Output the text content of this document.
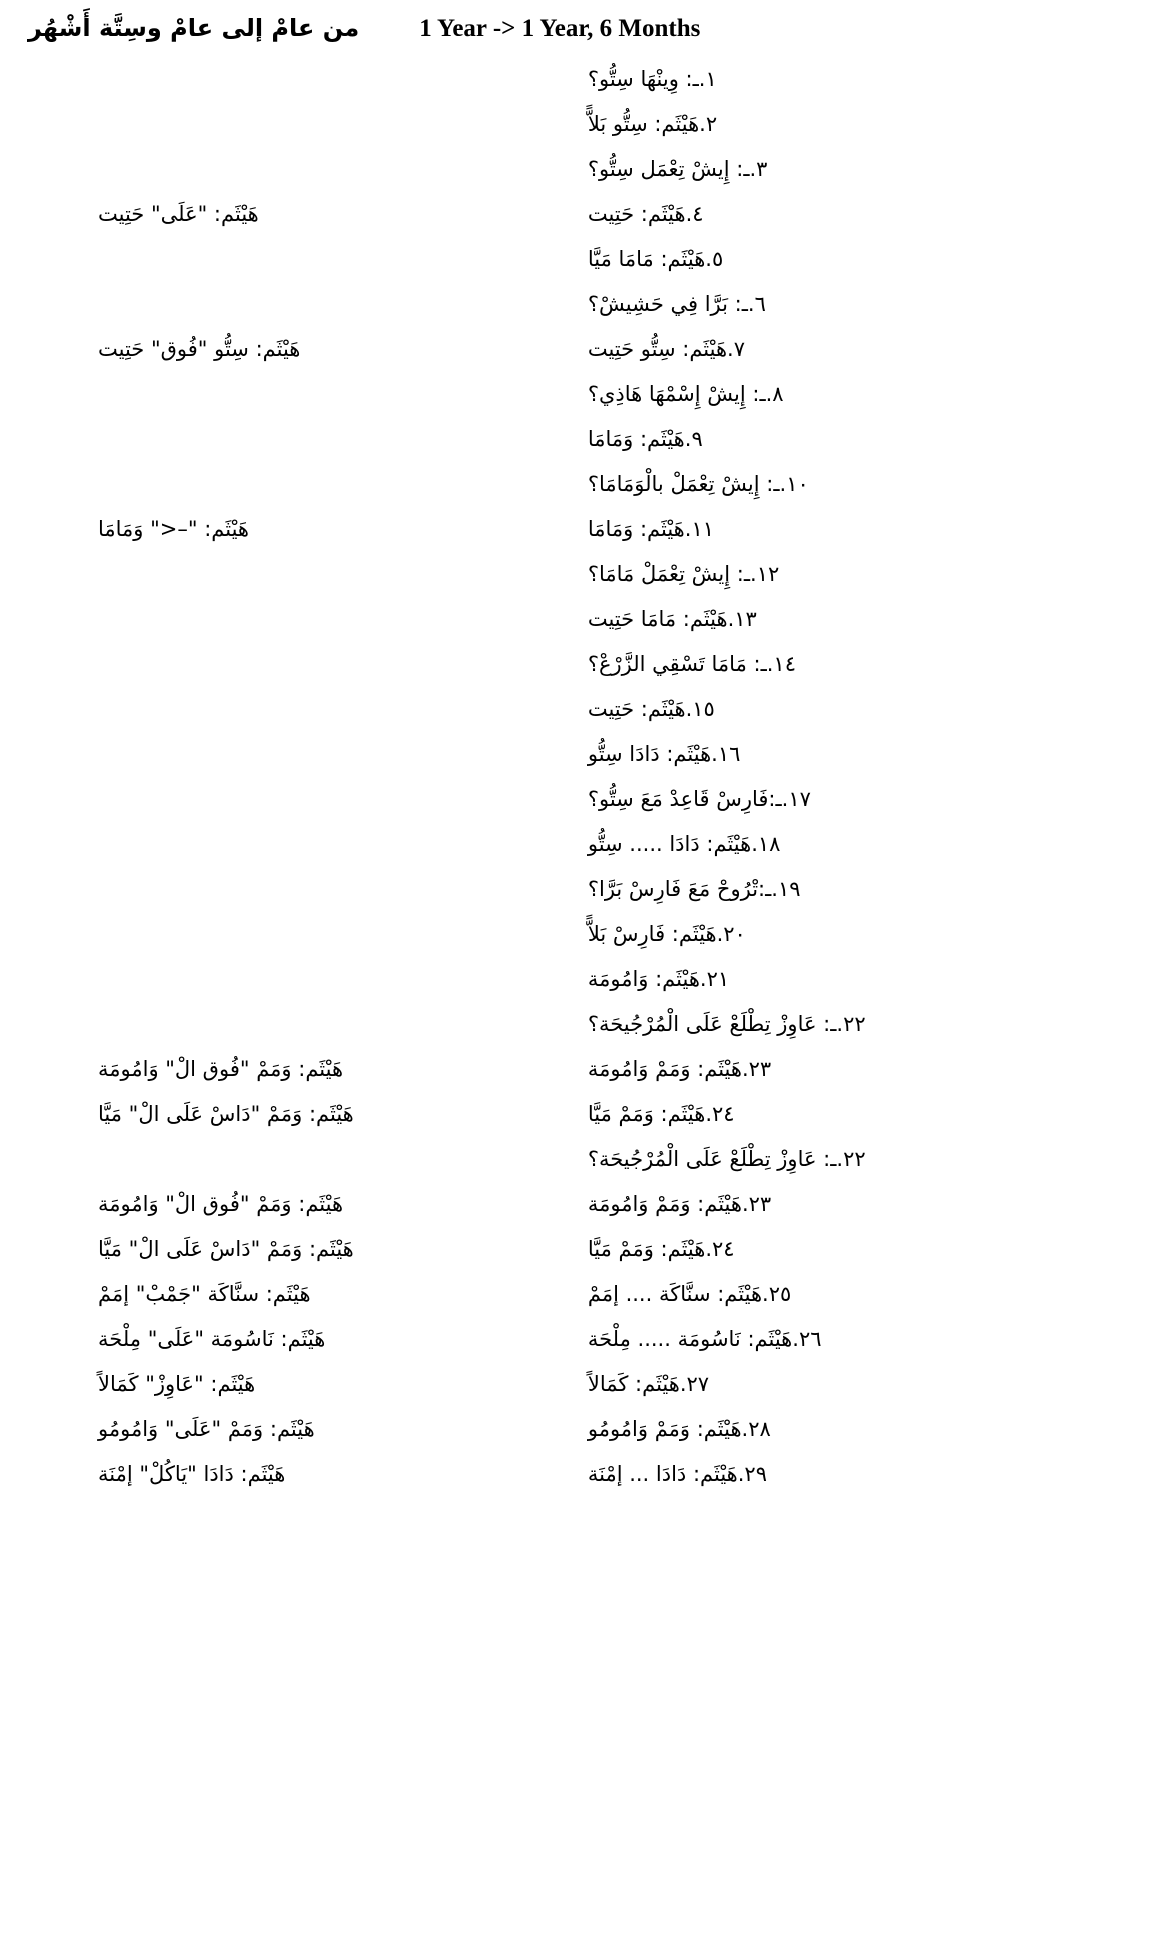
من عامْ إلى عامْ وسِتَّة أَشْهُر 1 Year -> 1 Year, 6 Months
١.ـ: وِينْهَا سِتُّو؟
٢.هَيْثَم: سِتُّو بَلاًّ
٣.ـ: إِيشْ تِعْمَل سِتُّو؟
٤.هَيْثَم: حَتِيت
هَيْثَم: "عَلَى" حَتِيت
٥.هَيْثَم: مَامَا مَيَّا
٦.ـ: بَرَّا فِي حَشِيشْ؟
٧.هَيْثَم: سِتُّو حَتِيت
هَيْثَم: سِتُّو "فُوق" حَتِيت
٨.ـ: إِيشْ إِسْمْهَا هَاذِي؟
٩.هَيْثَم: وَمَامَا
١٠.ـ: إِيشْ تِعْمَلْ بالْوَمَامَا؟
١١.هَيْثَم: وَمَامَا
هَيْثَم: "–<" وَمَامَا
١٢.ـ: إِيشْ تِعْمَلْ مَامَا؟
١٣.هَيْثَم: مَامَا حَتِيت
١٤.ـ: مَامَا تَسْقِي الزَّرْعْ؟
١٥.هَيْثَم: حَتِيت
١٦.هَيْثَم: دَادَا سِتُّو
١٧.ـ:فَارِسْ قَاعِدْ مَعَ سِتُّو؟
١٨.هَيْثَم: دَادَا ..... سِتُّو
١٩.ـ:تْرُوحْ مَعَ فَارِسْ بَرَّا؟
٢٠.هَيْثَم: فَارِسْ بَلاًّ
٢١.هَيْثَم: وَامُومَة
٢٢.ـ: عَاوِزْ تِطْلَعْ عَلَى الْمُرْجُيحَة؟
٢٣.هَيْثَم: وَمَمْ وَامُومَة
هَيْثَم: وَمَمْ "فُوق الْ" وَامُومَة
٢٤.هَيْثَم: وَمَمْ مَيَّا
هَيْثَم: وَمَمْ "دَاسْ عَلَى الْ" مَيَّا
٢٢.ـ: عَاوِزْ تِطْلَعْ عَلَى الْمُرْجُيحَة؟
٢٣.هَيْثَم: وَمَمْ وَامُومَة
هَيْثَم: وَمَمْ "فُوق الْ" وَامُومَة
٢٤.هَيْثَم: وَمَمْ مَيَّا
هَيْثَم: وَمَمْ "دَاسْ عَلَى الْ" مَيَّا
٢٥.هَيْثَم: سنَّاكَة .... إمَمْ
هَيْثَم: سنَّاكَة "جَمْبْ" إمَمْ
٢٦.هَيْثَم: نَاسُومَة ..... مِلْحَة
هَيْثَم: نَاسُومَة "عَلَى" مِلْحَة
٢٧.هَيْثَم: كَمَالاً
هَيْثَم: "عَاوِزْ" كَمَالاً
٢٨.هَيْثَم: وَمَمْ وَامُومُو
هَيْثَم: وَمَمْ "عَلَى" وَامُومُو
٢٩.هَيْثَم: دَادَا ... إمْنَة
هَيْثَم: دَادَا "يَاكُلْ" إمْنَة
